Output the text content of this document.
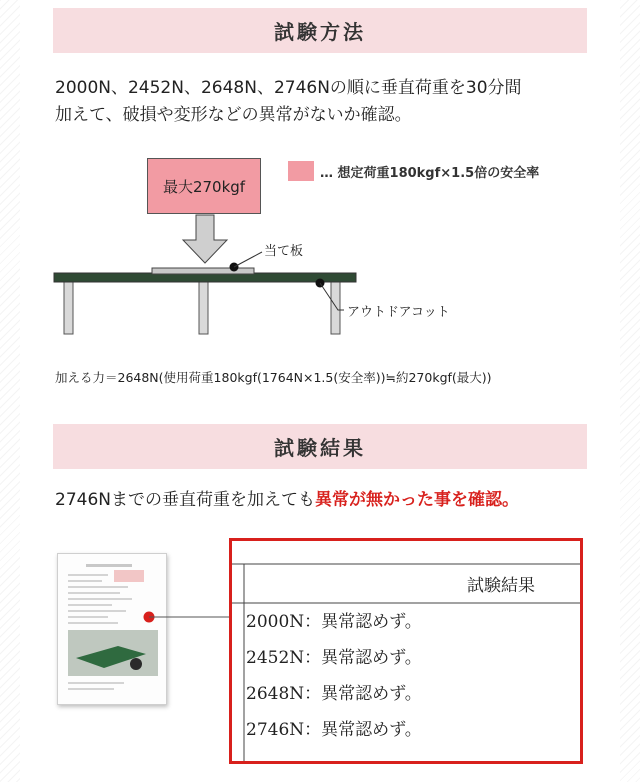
試験方法
2000N、2452N、2648N、2746Nの順に垂直荷重を30分間
加えて、破損や変形などの異常がないか確認。
… 想定荷重180kgf×1.5倍の安全率
最大270kgf
当て板
アウトドアコット
加える力＝2648N(使用荷重180kgf(1764N×1.5(安全率))≒約270kgf(最大))
試験結果
2746Nまでの垂直荷重を加えても異常が無かった事を確認。
試験結果
2000N：異常認めず。
2452N：異常認めず。
2648N：異常認めず。
2746N：異常認めず。
